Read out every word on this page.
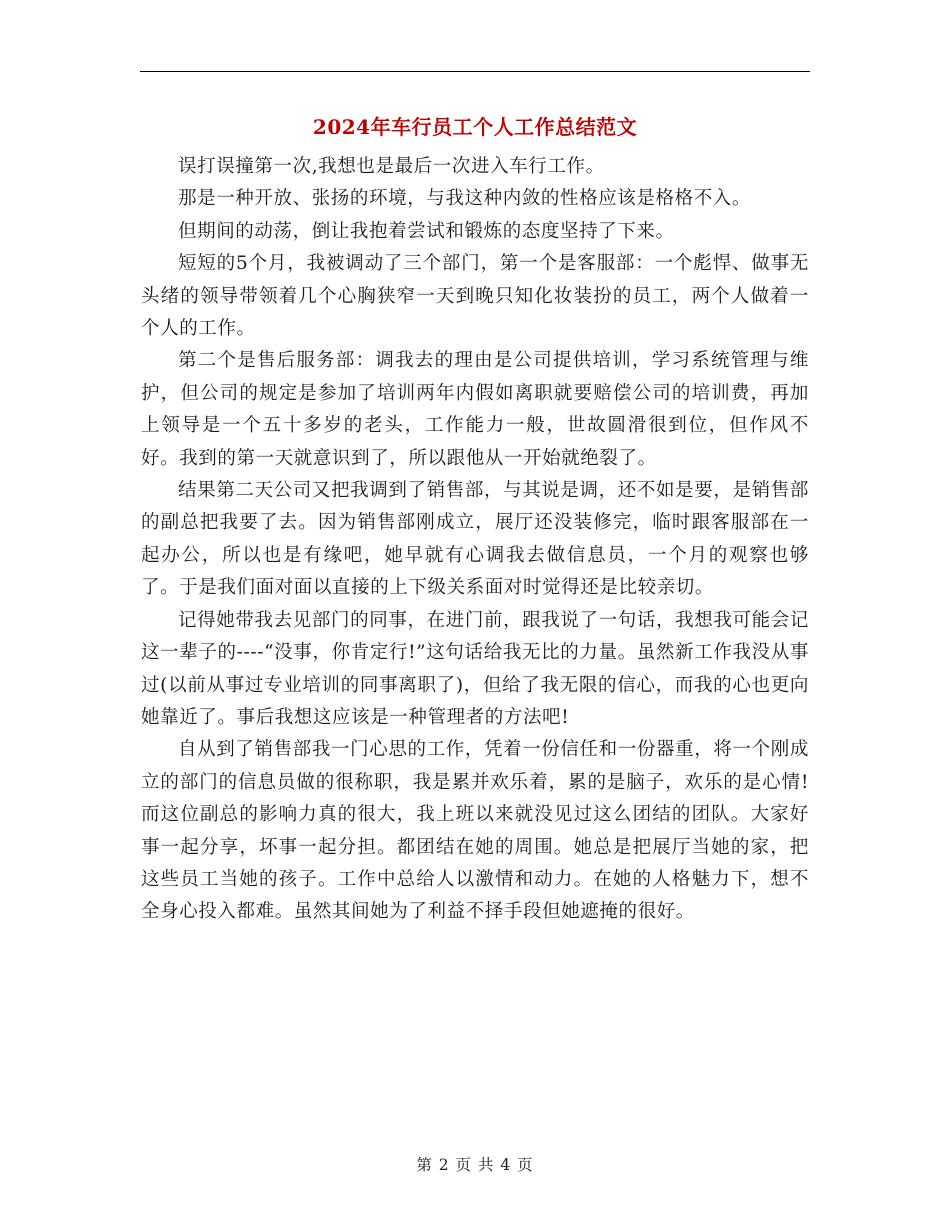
2024年车行员工个人工作总结范文

误打误撞第一次,我想也是最后一次进入车行工作。

那是一种开放、张扬的环境，与我这种内敛的性格应该是格格不入。

但期间的动荡，倒让我抱着尝试和锻炼的态度坚持了下来。

短短的5个月，我被调动了三个部门，第一个是客服部：一个彪悍、做事无头绪的领导带领着几个心胸狭窄一天到晚只知化妆装扮的员工，两个人做着一个人的工作。

第二个是售后服务部：调我去的理由是公司提供培训，学习系统管理与维护，但公司的规定是参加了培训两年内假如离职就要赔偿公司的培训费，再加上领导是一个五十多岁的老头，工作能力一般，世故圆滑很到位，但作风不好。我到的第一天就意识到了，所以跟他从一开始就绝裂了。

结果第二天公司又把我调到了销售部，与其说是调，还不如是要，是销售部的副总把我要了去。因为销售部刚成立，展厅还没装修完，临时跟客服部在一起办公，所以也是有缘吧，她早就有心调我去做信息员，一个月的观察也够了。于是我们面对面以直接的上下级关系面对时觉得还是比较亲切。

记得她带我去见部门的同事，在进门前，跟我说了一句话，我想我可能会记这一辈子的----“没事，你肯定行!”这句话给我无比的力量。虽然新工作我没从事过(以前从事过专业培训的同事离职了)，但给了我无限的信心，而我的心也更向她靠近了。事后我想这应该是一种管理者的方法吧!

自从到了销售部我一门心思的工作，凭着一份信任和一份器重，将一个刚成立的部门的信息员做的很称职，我是累并欢乐着，累的是脑子，欢乐的是心情!而这位副总的影响力真的很大，我上班以来就没见过这么团结的团队。大家好事一起分享，坏事一起分担。都团结在她的周围。她总是把展厅当她的家，把这些员工当她的孩子。工作中总给人以激情和动力。在她的人格魅力下，想不全身心投入都难。虽然其间她为了利益不择手段但她遮掩的很好。

第 2 页 共 4 页
